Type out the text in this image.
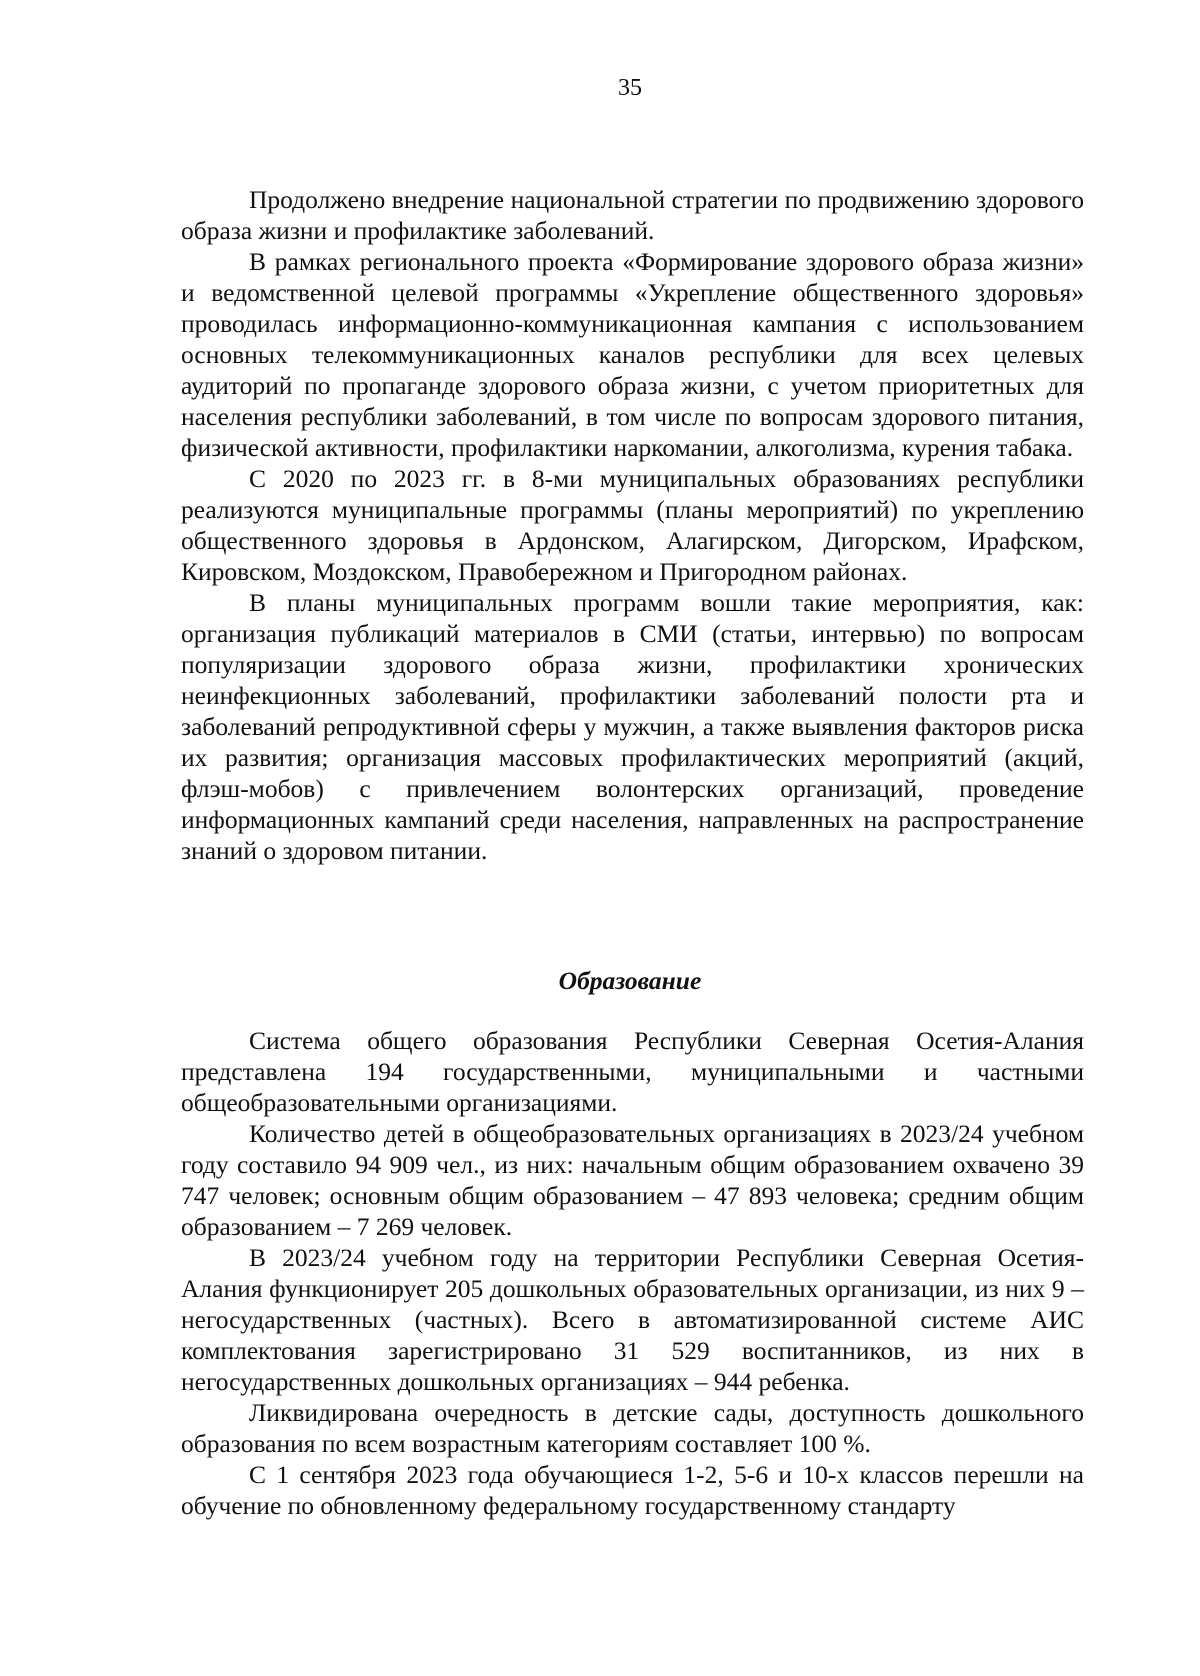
35

Продолжено внедрение национальной стратегии по продвижению здорового образа жизни и профилактике заболеваний.

В рамках регионального проекта «Формирование здорового образа жизни» и ведомственной целевой программы «Укрепление общественного здоровья» проводилась информационно-коммуникационная кампания с использованием основных телекоммуникационных каналов республики для всех целевых аудиторий по пропаганде здорового образа жизни, с учетом приоритетных для населения республики заболеваний, в том числе по вопросам здорового питания, физической активности, профилактики наркомании, алкоголизма, курения табака.

С 2020 по 2023 гг. в 8-ми муниципальных образованиях республики реализуются муниципальные программы (планы мероприятий) по укреплению общественного здоровья в Ардонском, Алагирском, Дигорском, Ирафском, Кировском, Моздокском, Правобережном и Пригородном районах.

В планы муниципальных программ вошли такие мероприятия, как: организация публикаций материалов в СМИ (статьи, интервью) по вопросам популяризации здорового образа жизни, профилактики хронических неинфекционных заболеваний, профилактики заболеваний полости рта и заболеваний репродуктивной сферы у мужчин, а также выявления факторов риска их развития; организация массовых профилактических мероприятий (акций, флэш-мобов) с привлечением волонтерских организаций, проведение информационных кампаний среди населения, направленных на распространение знаний о здоровом питании.

Образование

Система общего образования Республики Северная Осетия-Алания представлена 194 государственными, муниципальными и частными общеобразовательными организациями.

Количество детей в общеобразовательных организациях в 2023/24 учебном году составило 94 909 чел., из них: начальным общим образованием охвачено 39 747 человек; основным общим образованием – 47 893 человека; средним общим образованием – 7 269 человек.

В 2023/24 учебном году на территории Республики Северная Осетия-Алания функционирует 205 дошкольных образовательных организации, из них 9 – негосударственных (частных). Всего в автоматизированной системе АИС комплектования зарегистрировано 31 529 воспитанников, из них в негосударственных дошкольных организациях – 944 ребенка.

Ликвидирована очередность в детские сады, доступность дошкольного образования по всем возрастным категориям составляет 100 %.

С 1 сентября 2023 года обучающиеся 1-2, 5-6 и 10-х классов перешли на обучение по обновленному федеральному государственному стандарту
